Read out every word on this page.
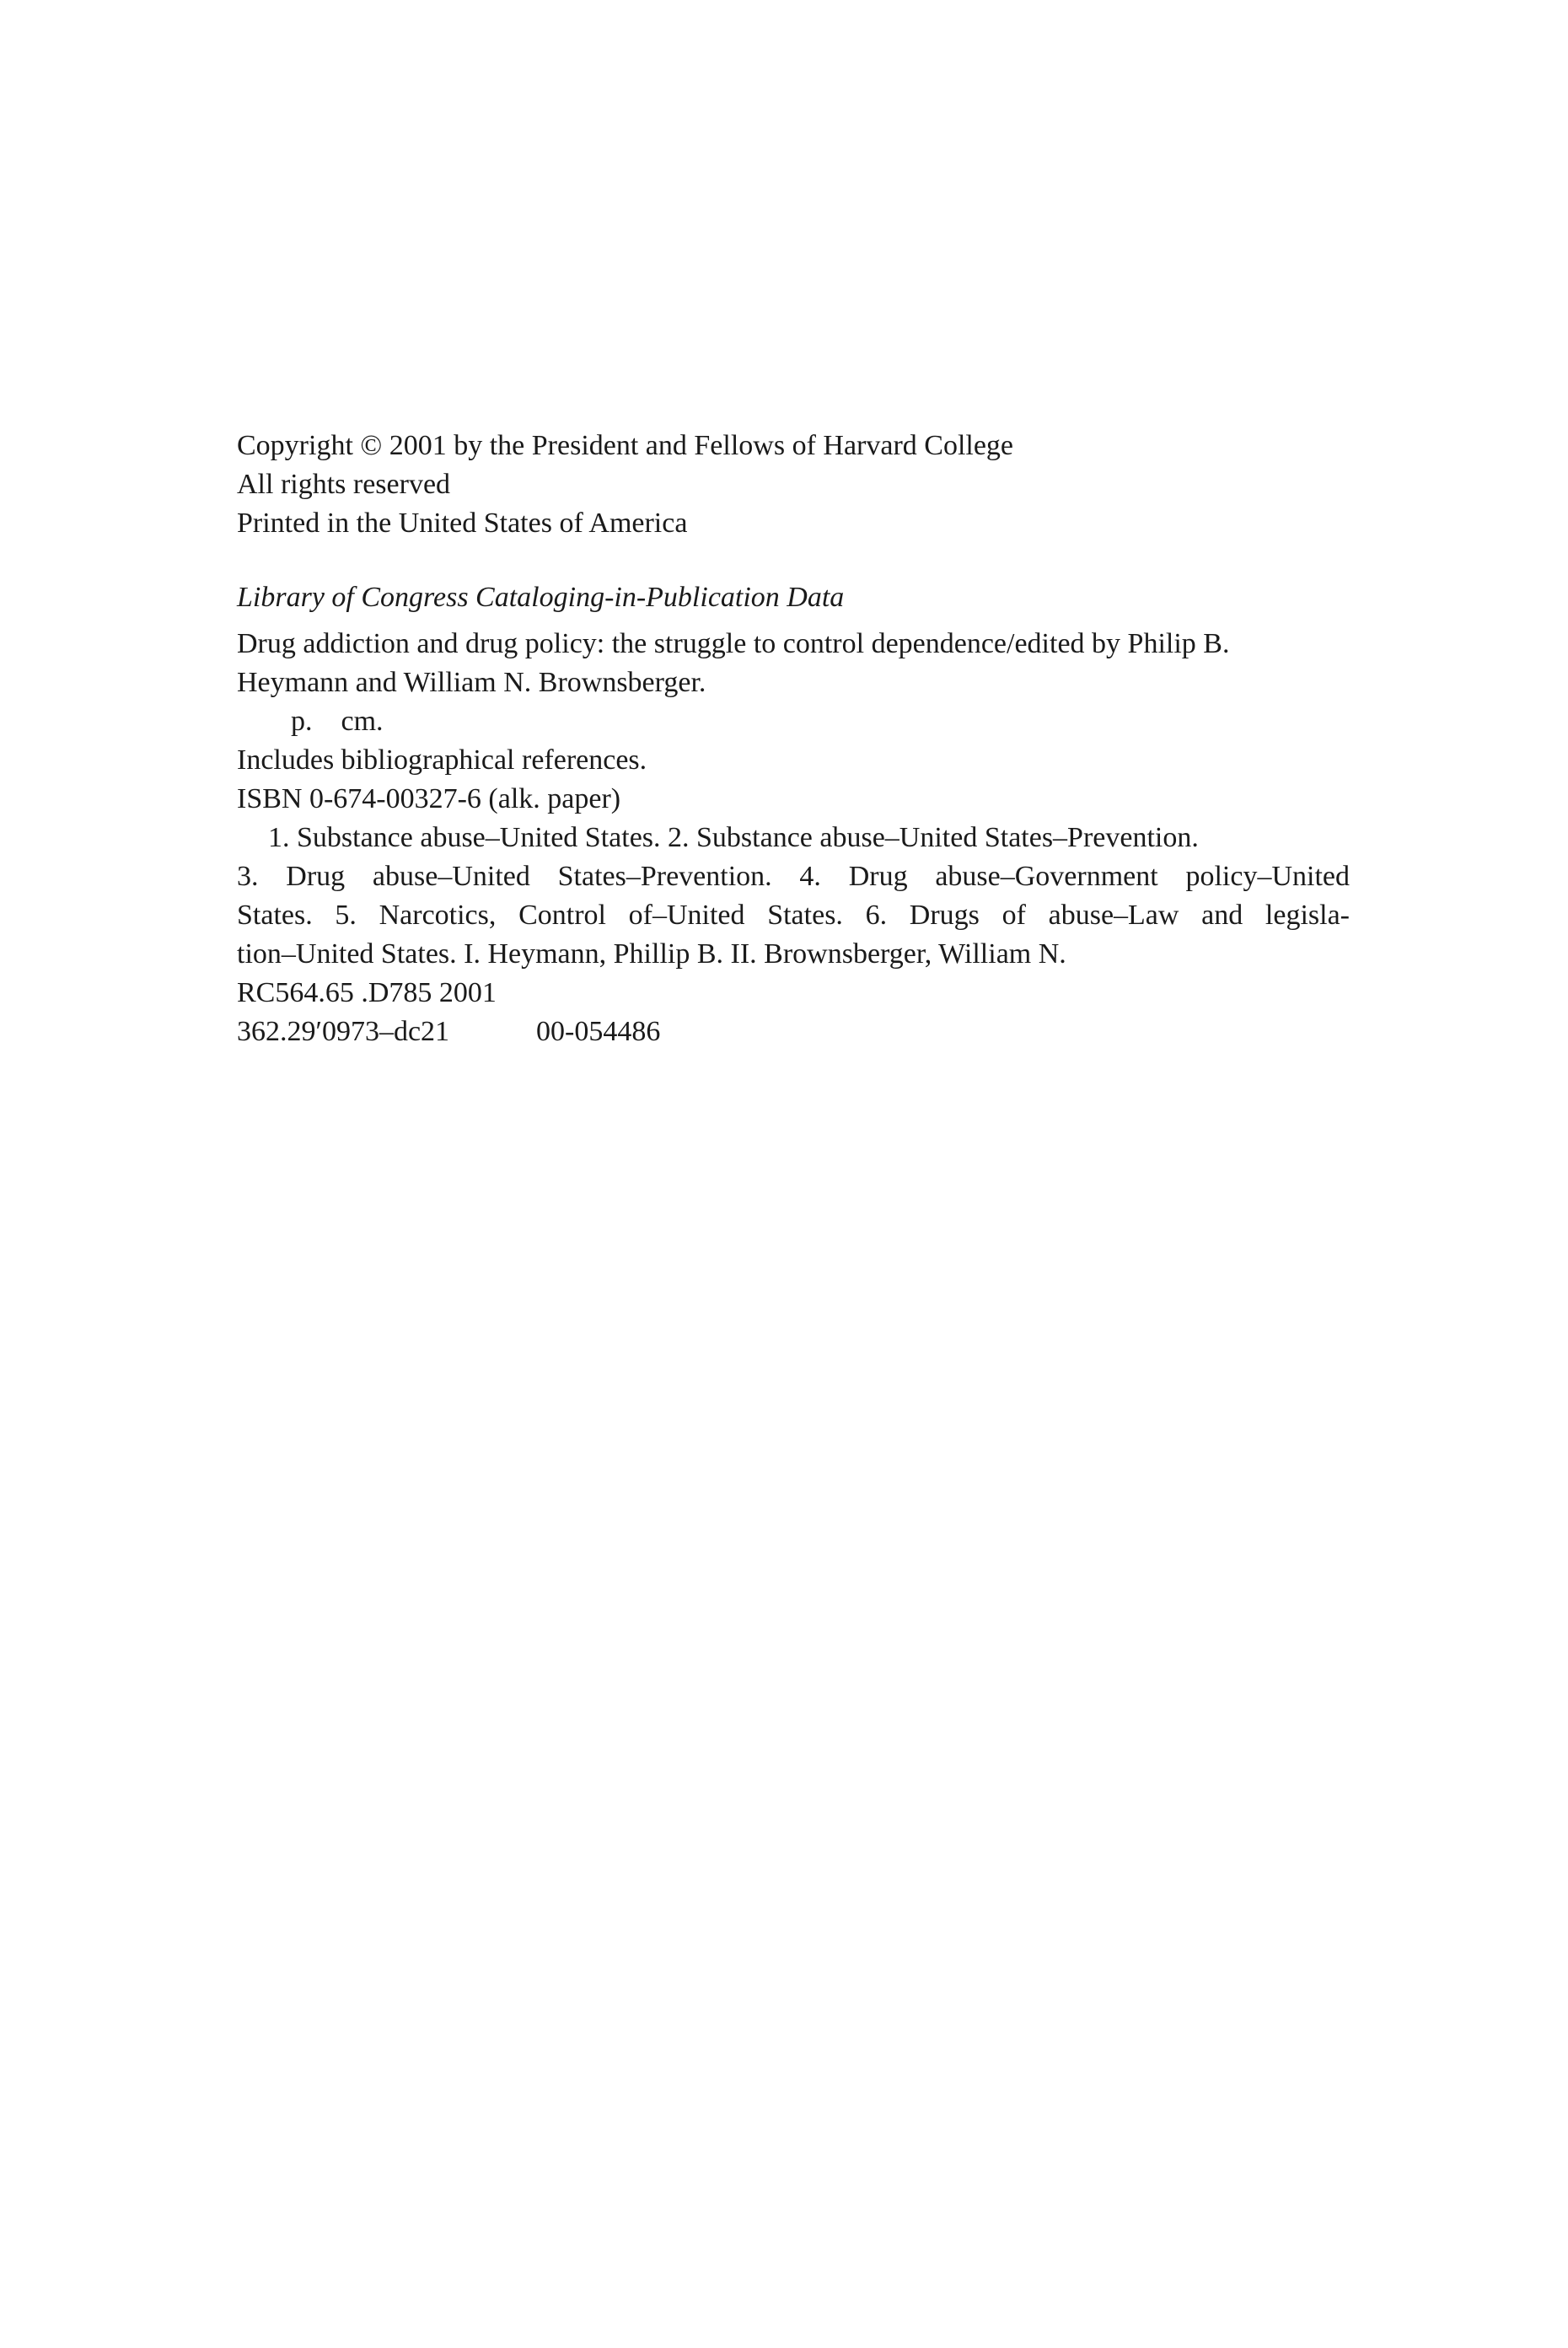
Copyright © 2001 by the President and Fellows of Harvard College
All rights reserved
Printed in the United States of America
Library of Congress Cataloging-in-Publication Data
Drug addiction and drug policy: the struggle to control dependence/edited by Philip B.
Heymann and William N. Brownsberger.
p.    cm.
Includes bibliographical references.
ISBN 0-674-00327-6 (alk. paper)
1. Substance abuse–United States. 2. Substance abuse–United States–Prevention.
3. Drug abuse–United States–Prevention. 4. Drug abuse–Government policy–United
States. 5. Narcotics, Control of–United States. 6. Drugs of abuse–Law and legisla-
tion–United States. I. Heymann, Phillip B. II. Brownsberger, William N.
RC564.65 .D785 2001
362.29′0973–dc21	00-054486
